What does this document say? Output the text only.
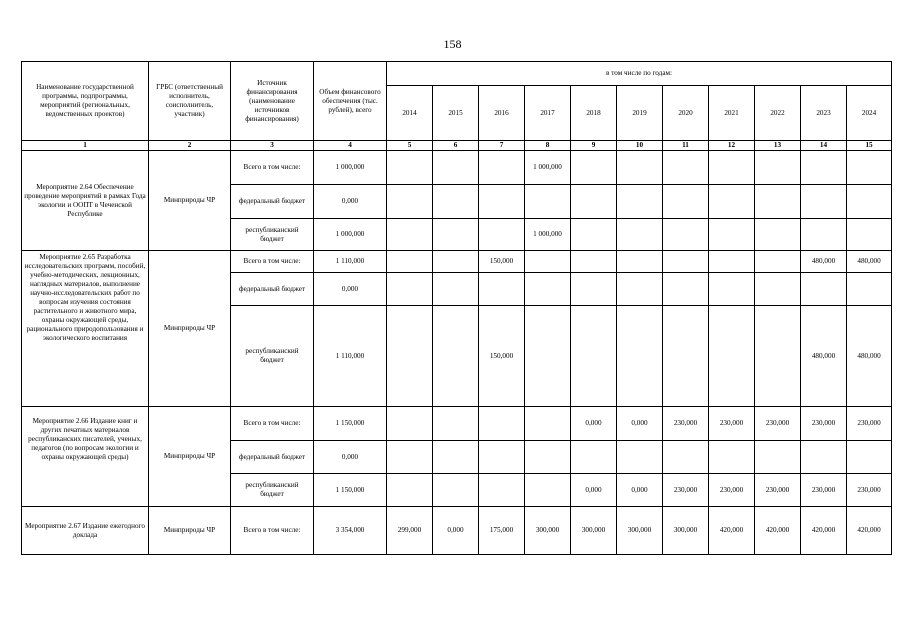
158
Наименование государственной программы, подпрограммы, мероприятий (региональных, ведомственных проектов)	ГРБС (ответственный исполнитель, соисполнитель, участник)	Источник финансирования (наименование источников финансирования)	Объем финансового обеспечения (тыс. рублей), всего	в том числе по годам:										
				2014	2015	2016	2017	2018	2019	2020	2021	2022	2023	2024
1	2	3	4	5	6	7	8	9	10	11	12	13	14	15
Мероприятие 2.64 Обеспечение проведение мероприятий в рамках Года экологии и ООПТ в Чеченской Республике	Минприроды ЧР	Всего в том числе:	1 000,000				1 000,000							
		федеральный бюджет	0,000											
		республиканский бюджет	1 000,000				1 000,000							
Мероприятие 2.65 Разработка исследовательских программ, пособий, учебно-методических, лекционных, наглядных материалов, выполнение научно-исследовательских работ по вопросам изучения состояния растительного и животного мира, охраны окружающей среды, рационального природопользования и экологического воспитания	Минприроды ЧР	Всего в том числе:	1 110,000			150,000							480,000	480,000
		федеральный бюджет	0,000											
		республиканский бюджет	1 110,000			150,000							480,000	480,000
Мероприятие 2.66 Издание книг и других печатных материалов республиканских писателей, ученых, педагогов (по вопросам экологии и охраны окружающей среды)	Минприроды ЧР	Всего в том числе:	1 150,000					0,000	0,000	230,000	230,000	230,000	230,000	230,000
		федеральный бюджет	0,000											
		республиканский бюджет	1 150,000					0,000	0,000	230,000	230,000	230,000	230,000	230,000
Мероприятие 2.67 Издание ежегодного доклада	Минприроды ЧР	Всего в том числе:	3 354,000	299,000	0,000	175,000	300,000	300,000	300,000	300,000	420,000	420,000	420,000	420,000
